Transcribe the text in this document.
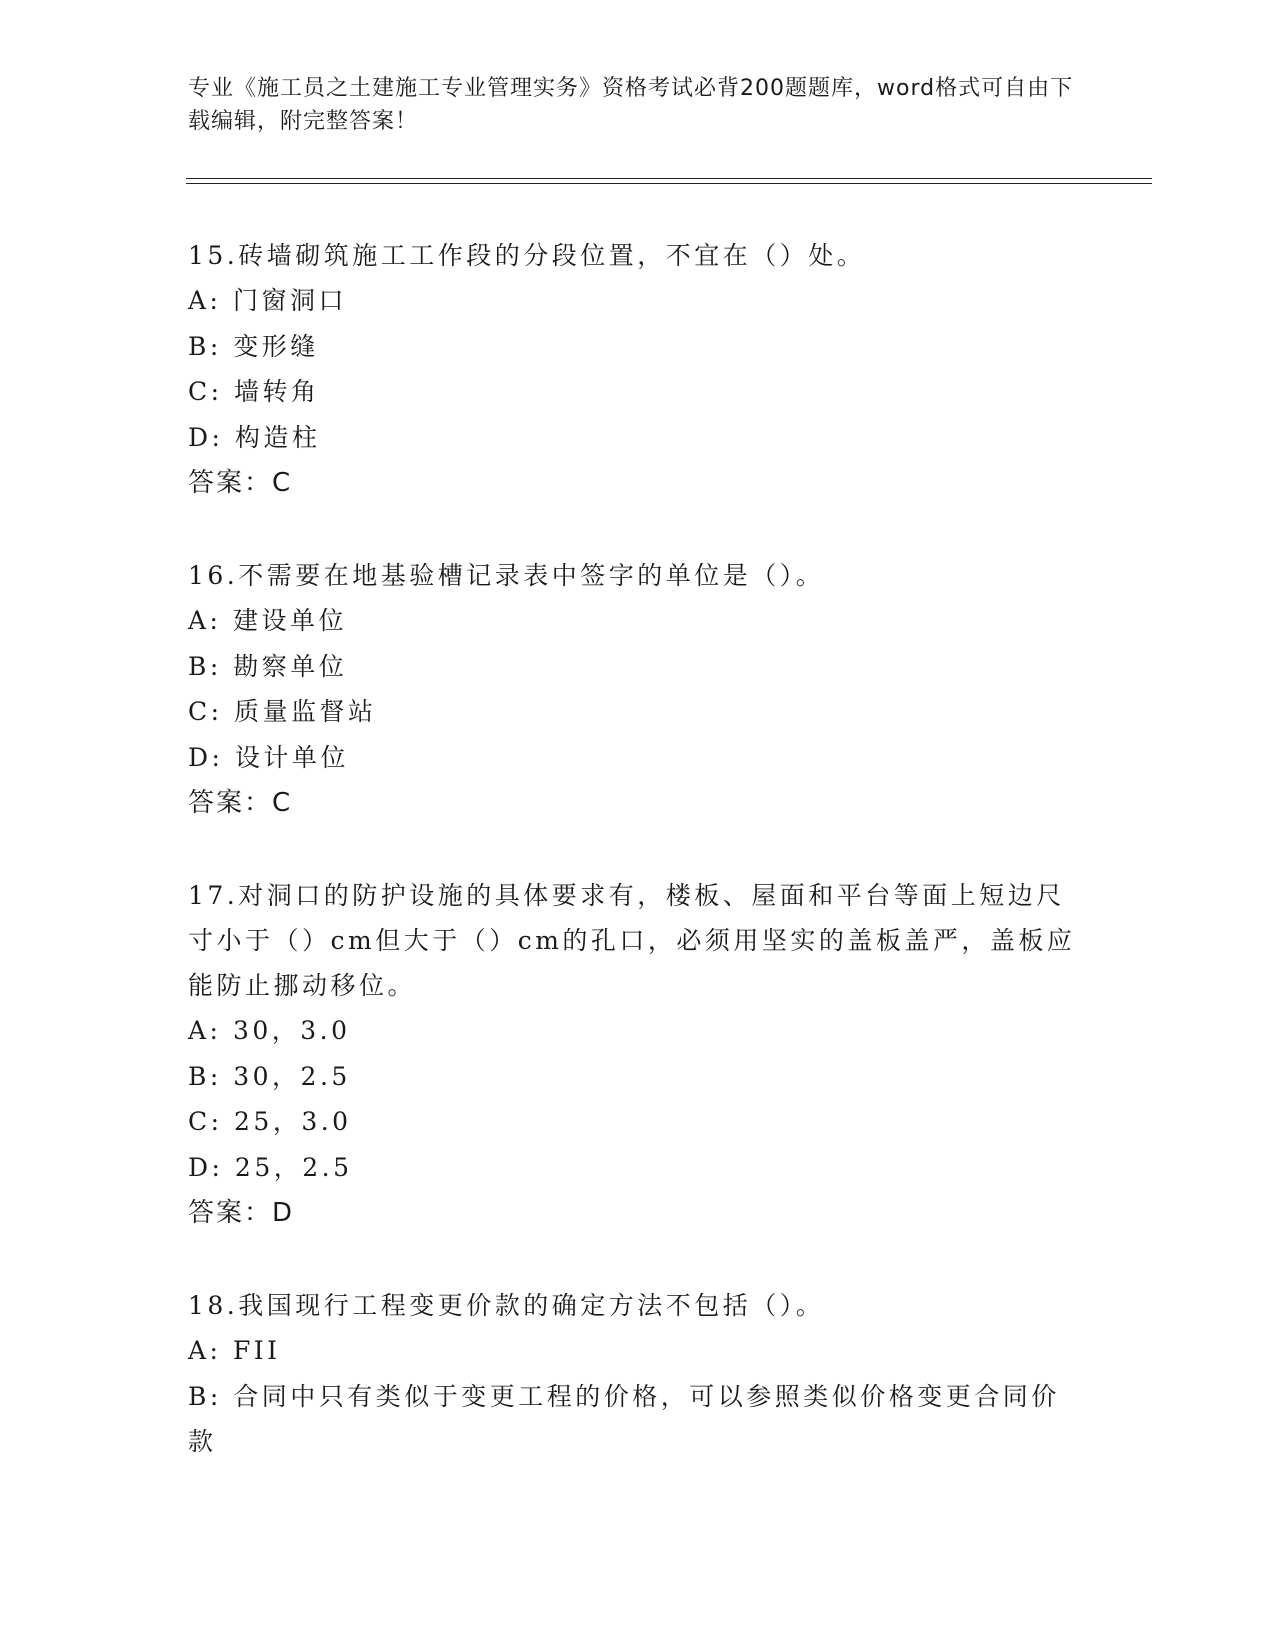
专业《施工员之土建施工专业管理实务》资格考试必背200题题库，word格式可自由下载编辑，附完整答案！

15.砖墙砌筑施工工作段的分段位置，不宜在（）处。

A: 门窗洞口

B: 变形缝

C: 墙转角

D: 构造柱

答案：C

16.不需要在地基验槽记录表中签字的单位是（）。

A: 建设单位

B: 勘察单位

C: 质量监督站

D: 设计单位

答案：C

17.对洞口的防护设施的具体要求有，楼板、屋面和平台等面上短边尺寸小于（）cm但大于（）cm的孔口，必须用坚实的盖板盖严，盖板应能防止挪动移位。

A: 30，3.0

B: 30，2.5

C: 25，3.0

D: 25，2.5

答案：D

18.我国现行工程变更价款的确定方法不包括（）。

A: FII

B: 合同中只有类似于变更工程的价格，可以参照类似价格变更合同价款
